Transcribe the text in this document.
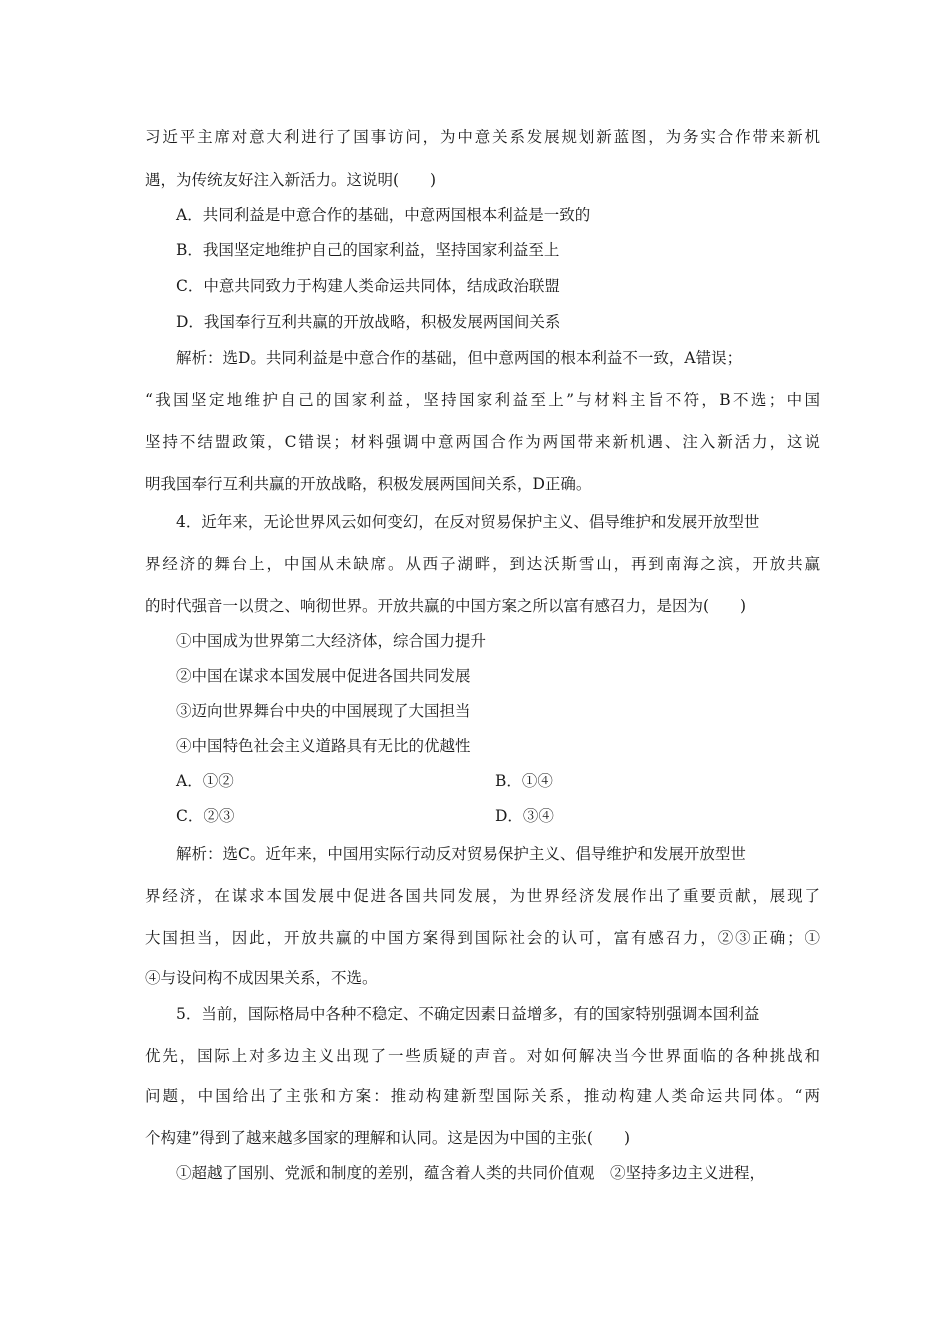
习近平主席对意大利进行了国事访问，为中意关系发展规划新蓝图，为务实合作带来新机
遇，为传统友好注入新活力。这说明(　　)
A．共同利益是中意合作的基础，中意两国根本利益是一致的
B．我国坚定地维护自己的国家利益，坚持国家利益至上
C．中意共同致力于构建人类命运共同体，结成政治联盟
D．我国奉行互利共赢的开放战略，积极发展两国间关系
解析：选D。共同利益是中意合作的基础，但中意两国的根本利益不一致，A错误；
“我国坚定地维护自己的国家利益，坚持国家利益至上”与材料主旨不符，B不选；中国
坚持不结盟政策，C错误；材料强调中意两国合作为两国带来新机遇、注入新活力，这说
明我国奉行互利共赢的开放战略，积极发展两国间关系，D正确。
4．近年来，无论世界风云如何变幻，在反对贸易保护主义、倡导维护和发展开放型世
界经济的舞台上，中国从未缺席。从西子湖畔，到达沃斯雪山，再到南海之滨，开放共赢
的时代强音一以贯之、响彻世界。开放共赢的中国方案之所以富有感召力，是因为(　　)
①中国成为世界第二大经济体，综合国力提升
②中国在谋求本国发展中促进各国共同发展
③迈向世界舞台中央的中国展现了大国担当
④中国特色社会主义道路具有无比的优越性
A．①②	B．①④
C．②③	D．③④
解析：选C。近年来，中国用实际行动反对贸易保护主义、倡导维护和发展开放型世
界经济，在谋求本国发展中促进各国共同发展，为世界经济发展作出了重要贡献，展现了
大国担当，因此，开放共赢的中国方案得到国际社会的认可，富有感召力，②③正确；①
④与设问构不成因果关系，不选。
5．当前，国际格局中各种不稳定、不确定因素日益增多，有的国家特别强调本国利益
优先，国际上对多边主义出现了一些质疑的声音。对如何解决当今世界面临的各种挑战和
问题，中国给出了主张和方案：推动构建新型国际关系，推动构建人类命运共同体。“两
个构建”得到了越来越多国家的理解和认同。这是因为中国的主张(　　)
①超越了国别、党派和制度的差别，蕴含着人类的共同价值观　②坚持多边主义进程，
